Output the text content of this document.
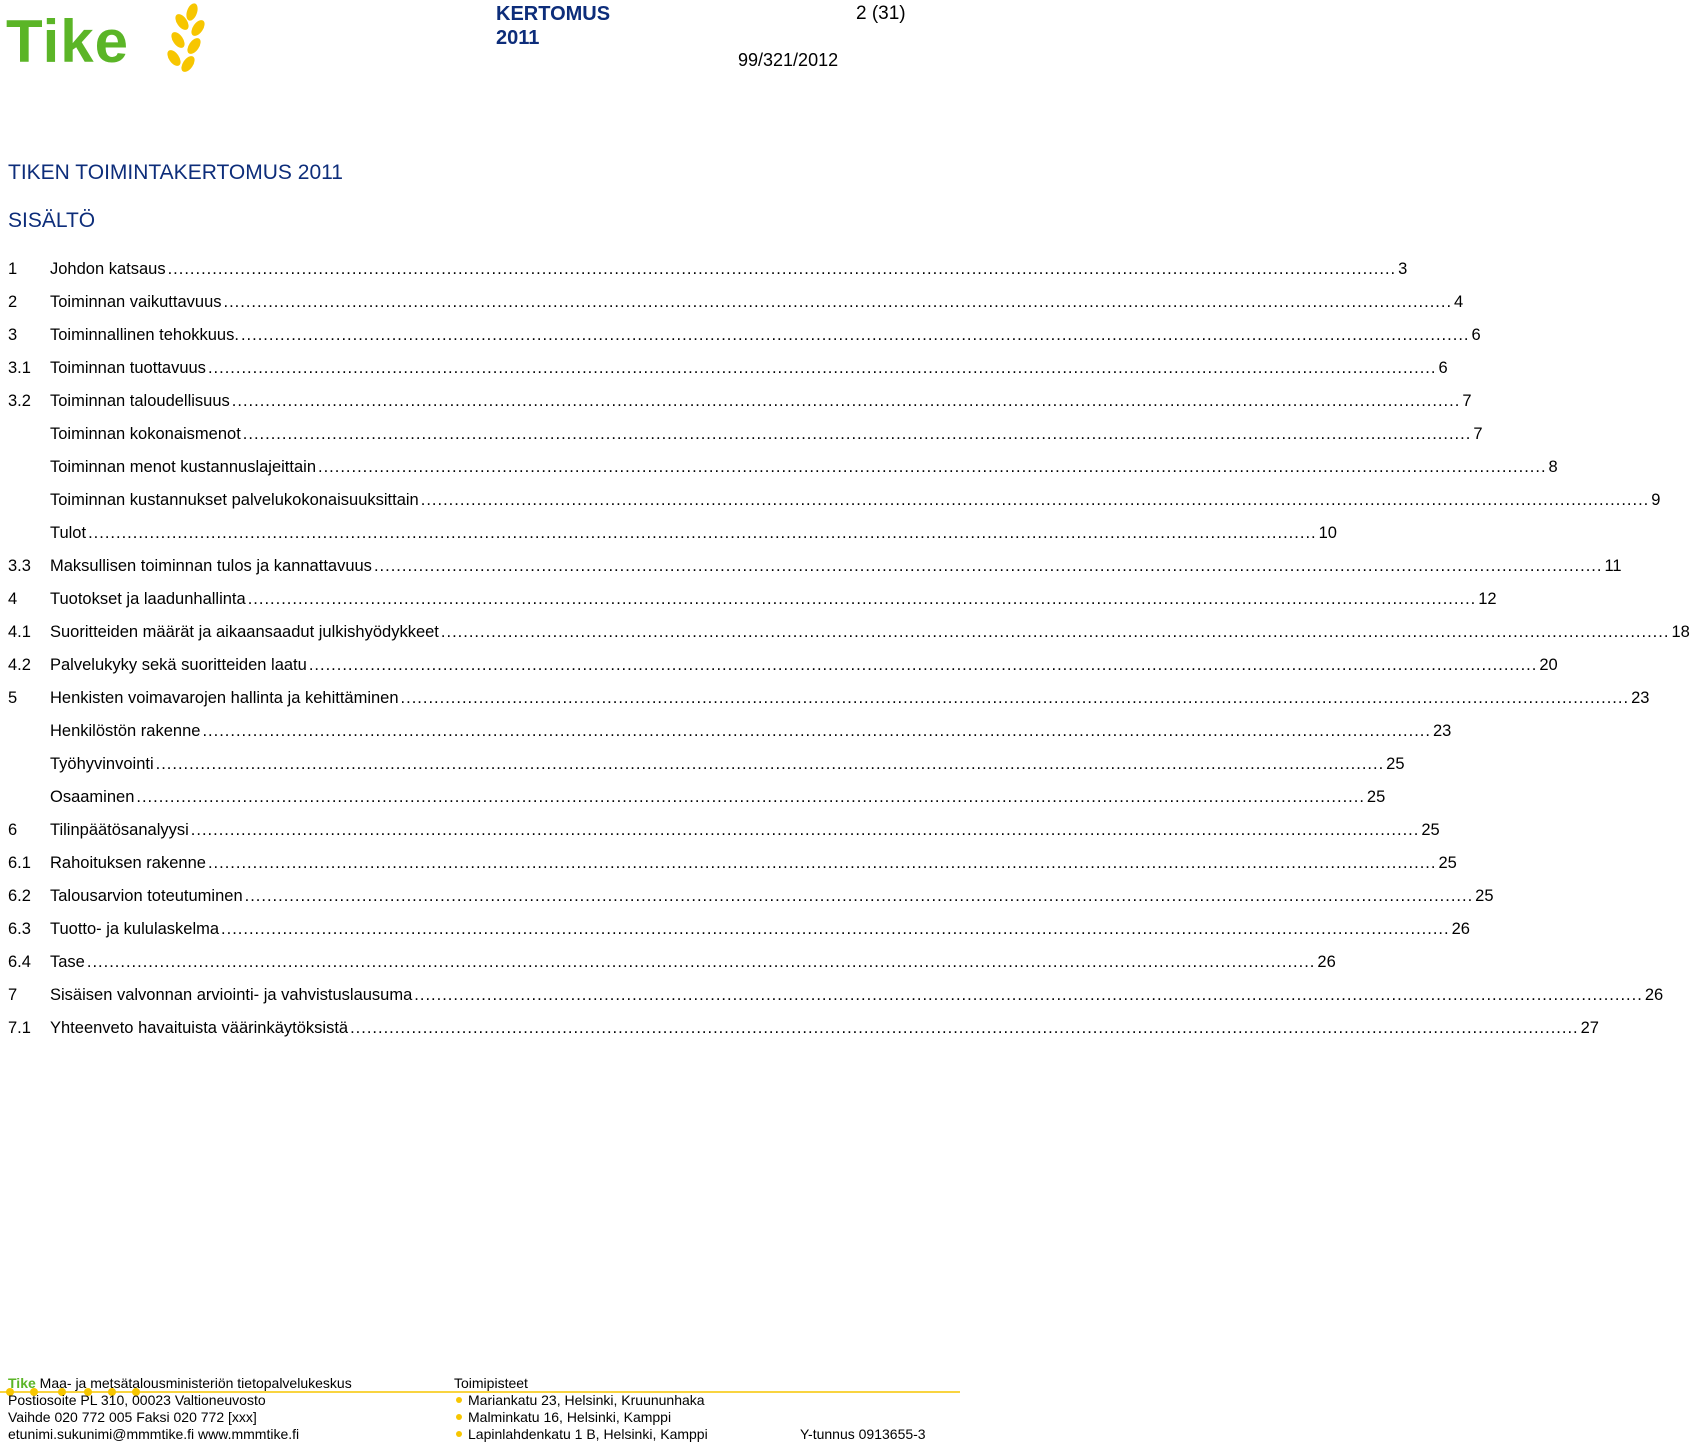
Tike	KERTOMUS
2011
2 (31)
99/321/2012
TIKEN TOIMINTAKERTOMUS 2011
SISÄLTÖ
1	Johdon katsaus ............................................................................................................................................................................................................................ 3
2	Toiminnan vaikuttavuus ............................................................................................................................................................................................................................ 4
3	Toiminnallinen tehokkuus. ............................................................................................................................................................................................................................ 6
3.1	Toiminnan tuottavuus ............................................................................................................................................................................................................................ 6
3.2	Toiminnan taloudellisuus ............................................................................................................................................................................................................................ 7
Toiminnan kokonaismenot ............................................................................................................................................................................................................................ 7
Toiminnan menot kustannuslajeittain ............................................................................................................................................................................................................................ 8
Toiminnan kustannukset palvelukokonaisuuksittain ............................................................................................................................................................................................................................ 9
Tulot ............................................................................................................................................................................................................................ 10
3.3	Maksullisen toiminnan tulos ja kannattavuus ............................................................................................................................................................................................................................ 11
4	Tuotokset ja laadunhallinta ............................................................................................................................................................................................................................ 12
4.1	Suoritteiden määrät ja aikaansaadut julkishyödykkeet ............................................................................................................................................................................................................................ 18
4.2	Palvelukyky sekä suoritteiden laatu ............................................................................................................................................................................................................................ 20
5	Henkisten voimavarojen hallinta ja kehittäminen ............................................................................................................................................................................................................................ 23
Henkilöstön rakenne ............................................................................................................................................................................................................................ 23
Työhyvinvointi ............................................................................................................................................................................................................................ 25
Osaaminen ............................................................................................................................................................................................................................ 25
6	Tilinpäätösanalyysi ............................................................................................................................................................................................................................ 25
6.1	Rahoituksen rakenne ............................................................................................................................................................................................................................ 25
6.2	Talousarvion toteutuminen ............................................................................................................................................................................................................................ 25
6.3	Tuotto- ja kululaskelma ............................................................................................................................................................................................................................ 26
6.4	Tase ............................................................................................................................................................................................................................ 26
7	Sisäisen valvonnan arviointi- ja vahvistuslausuma ............................................................................................................................................................................................................................ 26
7.1	Yhteenveto havaituista väärinkäytöksistä ............................................................................................................................................................................................................................ 27
Tike Maa- ja metsätalousministeriön tietopalvelukeskus
Postiosoite PL 310, 00023 Valtioneuvosto
Vaihde 020 772 005 Faksi 020 772 [xxx]
etunimi.sukunimi@mmmtike.fi www.mmmtike.fi
Toimipisteet
Mariankatu 23, Helsinki, Kruununhaka
Malminkatu 16, Helsinki, Kamppi
Lapinlahdenkatu 1 B, Helsinki, Kamppi

	Y-tunnus 0913655-3
